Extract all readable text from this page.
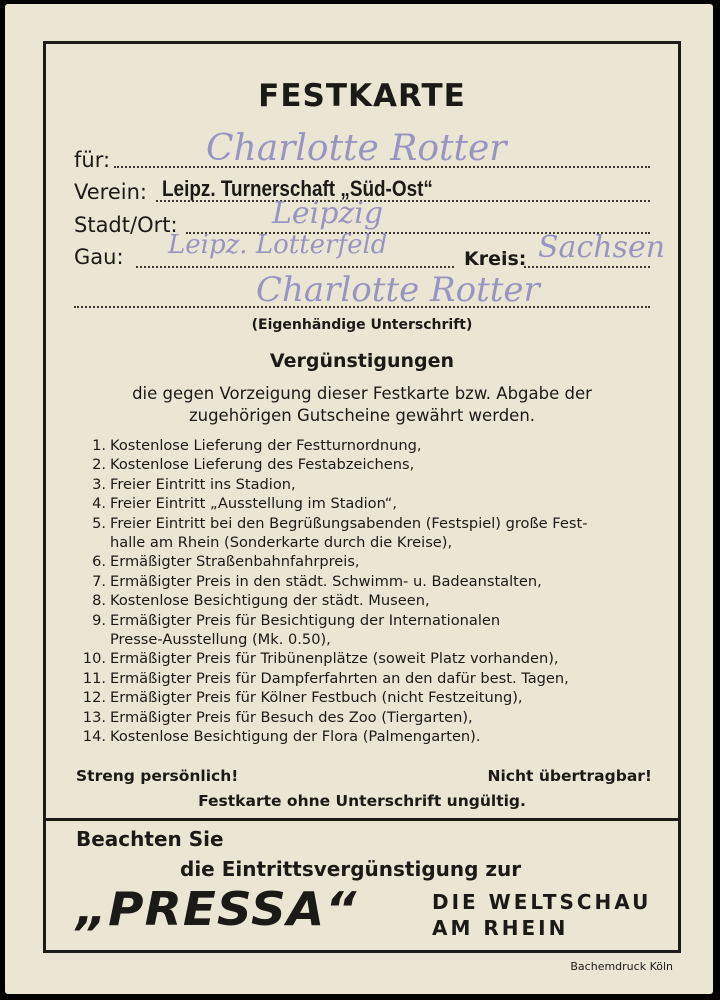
FESTKARTE
für:	Charlotte Rotter
Verein: Leipz. Turnerschaft „Süd-Ost“
Stadt/Ort:	Leipzig
Gau: Leipz. Lotterfeld	Kreis: Sachsen
Charlotte Rotter
(Eigenhändige Unterschrift)
Vergünstigungen
die gegen Vorzeigung dieser Festkarte bzw. Abgabe der
zugehörigen Gutscheine gewährt werden.
1. Kostenlose Lieferung der Festturnordnung,
2. Kostenlose Lieferung des Festabzeichens,
3. Freier Eintritt ins Stadion,
4. Freier Eintritt „Ausstellung im Stadion“,
5. Freier Eintritt bei den Begrüßungsabenden (Festspiel) große Fest-
halle am Rhein (Sonderkarte durch die Kreise),
6. Ermäßigter Straßenbahnfahrpreis,
7. Ermäßigter Preis in den städt. Schwimm- u. Badeanstalten,
8. Kostenlose Besichtigung der städt. Museen,
9. Ermäßigter Preis für Besichtigung der Internationalen
Presse-Ausstellung (Mk. 0.50),
10. Ermäßigter Preis für Tribünenplätze (soweit Platz vorhanden),
11. Ermäßigter Preis für Dampferfahrten an den dafür best. Tagen,
12. Ermäßigter Preis für Kölner Festbuch (nicht Festzeitung),
13. Ermäßigter Preis für Besuch des Zoo (Tiergarten),
14. Kostenlose Besichtigung der Flora (Palmengarten).
Streng persönlich!	Nicht übertragbar!
Festkarte ohne Unterschrift ungültig.
Beachten Sie
die Eintrittsvergünstigung zur
„PRESSA“	DIE WELTSCHAU
AM RHEIN
Bachemdruck Köln
